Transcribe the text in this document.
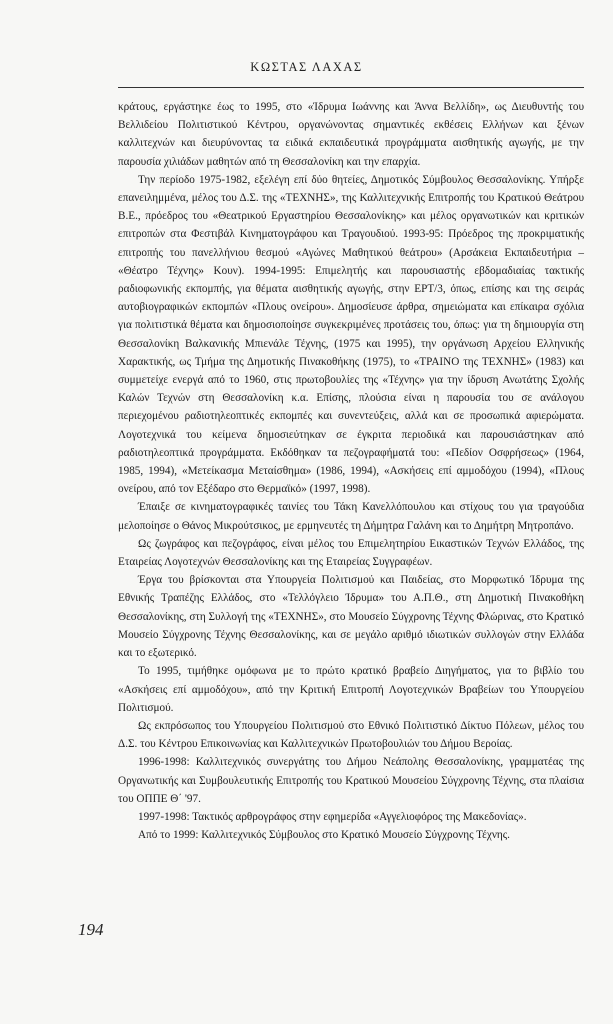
ΚΩΣΤΑΣ ΛΑΧΑΣ

κράτους, εργάστηκε έως το 1995, στο «Ίδρυμα Ιωάννης και Άννα Βελλίδη», ως Διευθυντής του Βελλιδείου Πολιτιστικού Κέντρου, οργανώνοντας σημαντικές εκθέσεις Ελλήνων και ξένων καλλιτεχνών και διευρύνοντας τα ειδικά εκπαιδευτικά προγράμματα αισθητικής αγωγής, με την παρουσία χιλιάδων μαθητών από τη Θεσσαλονίκη και την επαρχία.

Την περίοδο 1975-1982, εξελέγη επί δύο θητείες, Δημοτικός Σύμβουλος Θεσσαλονίκης. Υπήρξε επανειλημμένα, μέλος του Δ.Σ. της «ΤΕΧΝΗΣ», της Καλλιτεχνικής Επιτροπής του Κρατικού Θεάτρου Β.Ε., πρόεδρος του «Θεατρικού Εργαστηρίου Θεσσαλονίκης» και μέλος οργανωτικών και κριτικών επιτροπών στα Φεστιβάλ Κινηματογράφου και Τραγουδιού. 1993-95: Πρόεδρος της προκριματικής επιτροπής του πανελλήνιου θεσμού «Αγώνες Μαθητικού θεάτρου» (Αρσάκεια Εκπαιδευτήρια – «Θέατρο Τέχνης» Κουν). 1994-1995: Επιμελητής και παρουσιαστής εβδομαδιαίας τακτικής ραδιοφωνικής εκπομπής, για θέματα αισθητικής αγωγής, στην ΕΡΤ/3, όπως, επίσης και της σειράς αυτοβιογραφικών εκπομπών «Πλους ονείρου». Δημοσίευσε άρθρα, σημειώματα και επίκαιρα σχόλια για πολιτιστικά θέματα και δημοσιοποίησε συγκεκριμένες προτάσεις του, όπως: για τη δημιουργία στη Θεσσαλονίκη Βαλκανικής Μπιενάλε Τέχνης, (1975 και 1995), την οργάνωση Αρχείου Ελληνικής Χαρακτικής, ως Τμήμα της Δημοτικής Πινακοθήκης (1975), το «ΤΡΑΙΝΟ της ΤΕΧΝΗΣ» (1983) και συμμετείχε ενεργά από το 1960, στις πρωτοβουλίες της «Τέχνης» για την ίδρυση Ανωτάτης Σχολής Καλών Τεχνών στη Θεσσαλονίκη κ.α. Επίσης, πλούσια είναι η παρουσία του σε ανάλογου περιεχομένου ραδιοτηλεοπτικές εκπομπές και συνεντεύξεις, αλλά και σε προσωπικά αφιερώματα. Λογοτεχνικά του κείμενα δημοσιεύτηκαν σε έγκριτα περιοδικά και παρουσιάστηκαν από ραδιοτηλεοπτικά προγράμματα. Εκδόθηκαν τα πεζογραφήματά του: «Πεδίον Οσφρήσεως» (1964, 1985, 1994), «Μετείκασμα Μεταίσθημα» (1986, 1994), «Ασκήσεις επί αμμοδόχου (1994), «Πλους ονείρου, από τον Εξέδαρο στο Θερμαϊκό» (1997, 1998).

Έπαιξε σε κινηματογραφικές ταινίες του Τάκη Κανελλόπουλου και στίχους του για τραγούδια μελοποίησε ο Θάνος Μικρούτσικος, με ερμηνευτές τη Δήμητρα Γαλάνη και το Δημήτρη Μητροπάνο.

Ως ζωγράφος και πεζογράφος, είναι μέλος του Επιμελητηρίου Εικαστικών Τεχνών Ελλάδος, της Εταιρείας Λογοτεχνών Θεσσαλονίκης και της Εταιρείας Συγγραφέων.

Έργα του βρίσκονται στα Υπουργεία Πολιτισμού και Παιδείας, στο Μορφωτικό Ίδρυμα της Εθνικής Τραπέζης Ελλάδος, στο «Τελλόγλειο Ίδρυμα» του Α.Π.Θ., στη Δημοτική Πινακοθήκη Θεσσαλονίκης, στη Συλλογή της «ΤΕΧΝΗΣ», στο Μουσείο Σύγχρονης Τέχνης Φλώρινας, στο Κρατικό Μουσείο Σύγχρονης Τέχνης Θεσσαλονίκης, και σε μεγάλο αριθμό ιδιωτικών συλλογών στην Ελλάδα και το εξωτερικό.

Το 1995, τιμήθηκε ομόφωνα με το πρώτο κρατικό βραβείο Διηγήματος, για το βιβλίο του «Ασκήσεις επί αμμοδόχου», από την Κριτική Επιτροπή Λογοτεχνικών Βραβείων του Υπουργείου Πολιτισμού.

Ως εκπρόσωπος του Υπουργείου Πολιτισμού στο Εθνικό Πολιτιστικό Δίκτυο Πόλεων, μέλος του Δ.Σ. του Κέντρου Επικοινωνίας και Καλλιτεχνικών Πρωτοβουλιών του Δήμου Βεροίας.

1996-1998: Καλλιτεχνικός συνεργάτης του Δήμου Νεάπολης Θεσσαλονίκης, γραμματέας της Οργανωτικής και Συμβουλευτικής Επιτροπής του Κρατικού Μουσείου Σύγχρονης Τέχνης, στα πλαίσια του ΟΠΠΕ Θ΄ '97.

1997-1998: Τακτικός αρθρογράφος στην εφημερίδα «Αγγελιοφόρος της Μακεδονίας».

Από το 1999: Καλλιτεχνικός Σύμβουλος στο Κρατικό Μουσείο Σύγχρονης Τέχνης.

194
